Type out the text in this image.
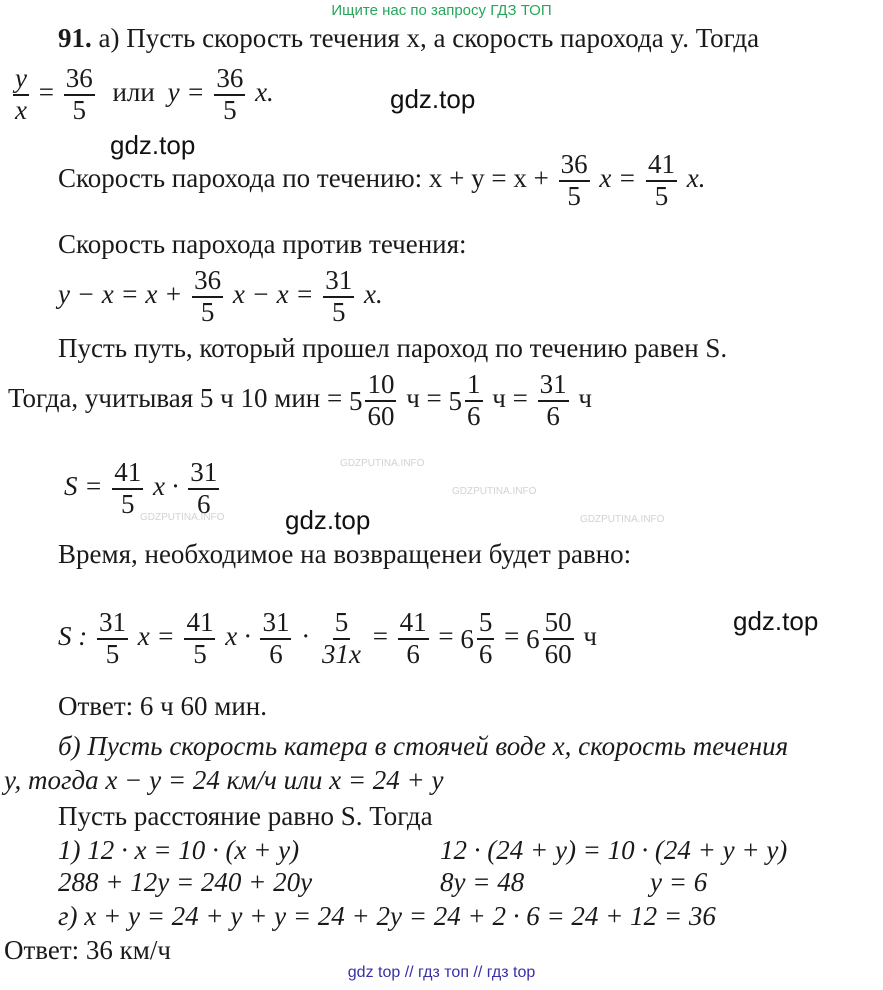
Ищите нас по запросу ГДЗ ТОП
GDZPUTINA.INFO
GDZPUTINA.INFO
GDZPUTINA.INFO	GDZPUTINA.INFO
gdz.top
gdz.top
gdz.top
gdz.top
91. а) Пусть скорость течения x, а скорость парохода y. Тогда
$\frac{y}{x} = \frac{36}{5}$ или $y = \frac{36}{5} x$.
Скорость парохода по течению: $x + y = x + \frac{36}{5}$ $x = \frac{41}{5} x$.
Скорость парохода против течения:
$y - x = x + \frac{36}{5}$ $x - x = \frac{31}{5} x$.
Пусть путь, который прошел пароход по течению равен S.
Тогда, учитывая 5 ч 10 мин = $5 \frac{10}{60}$ $ч = 5 \frac{1}{6}$ $ч = \frac{31}{6}$ ч
$S = \frac{41}{5}$ $x \cdot \frac{31}{6}$
Время, необходимое на возвращенеи будет равно:
S : $\frac{31}{5}$ $x = \frac{41}{5}$ $x \cdot \frac{31}{6} \cdot \frac{5}{31x} = \frac{41}{6} = 6 \frac{5}{6} = 6 \frac{50}{60}$ ч
Ответ: 6 ч 60 мин.
б) Пусть скорость катера в стоячей воде x, скорость течения
y, тогда x − y = 24 км/ч или x = 24 + y
Пусть расстояние равно S. Тогда
1) 12 · x = 10 · (x + y)	12 · (24 + y) = 10 · (24 + y + y)
288 + 12y = 240 + 20y	8y = 48	y = 6
г) x + y = 24 + y + y = 24 + 2y = 24 + 2 · 6 = 24 + 12 = 36
Ответ: 36 км/ч
gdz top // гдз топ // гдз top
